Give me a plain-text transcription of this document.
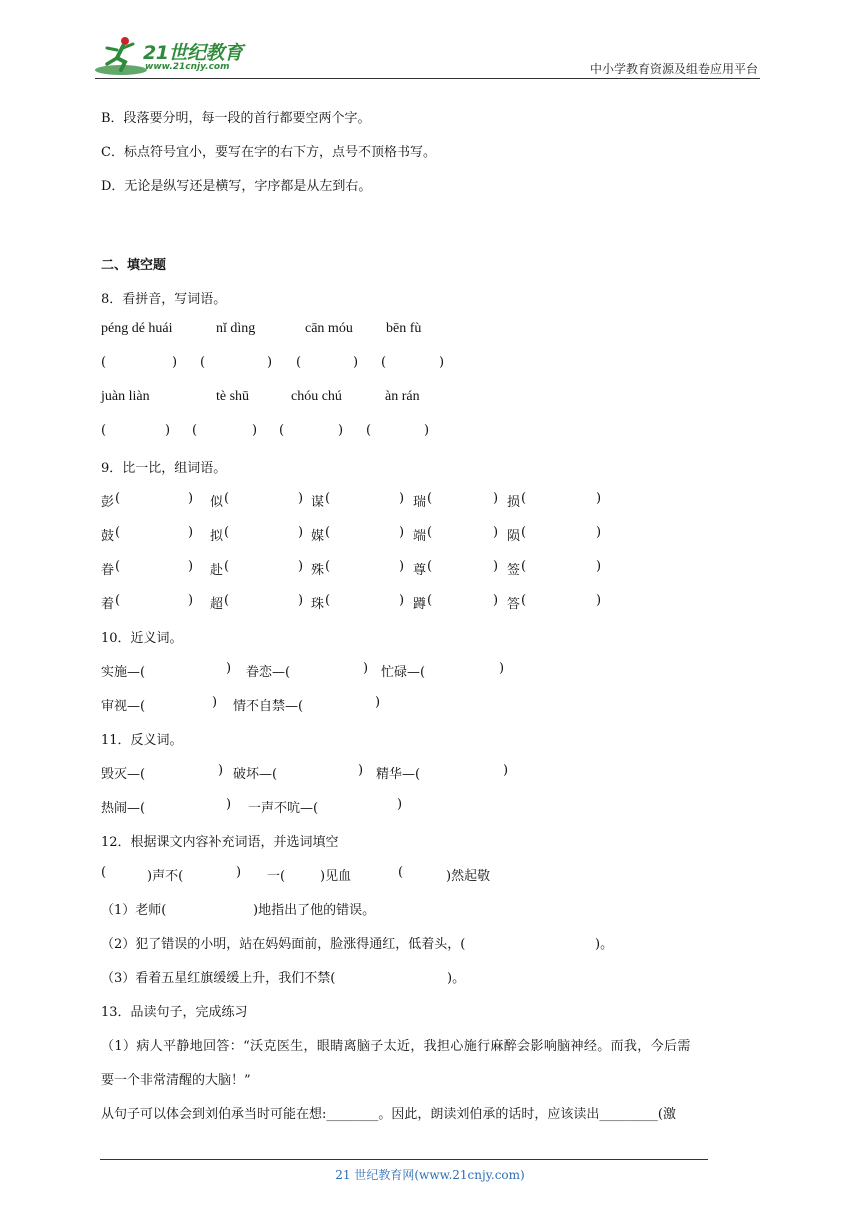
21世纪教育
www.21cnjy.com	中小学教育资源及组卷应用平台
B．段落要分明，每一段的首行都要空两个字。
C．标点符号宜小，要写在字的右下方，点号不顶格书写。
D．无论是纵写还是横写，字序都是从左到右。
二、填空题
8．看拼音，写词语。
péng dé huái	nǐ dìng	cān móu bēn fù
(	) (	) (	) (	)
juàn liàn	tè shū	chóu chú	àn rán
(	) (	) (	) (	)
9．比一比，组词语。
彭 (	) 似 (	) 谋 (	) 瑞 (	) 损 (	)
鼓 (	) 拟 (	) 媒 (	) 端 (	) 陨 (	)
眷 (	) 赴 (	) 殊 (	) 尊 (	) 签 (	)
着 (	) 超 (	) 珠 (	) 蹲 (	) 答 (	)
10．近义词。
实施—(	) 眷恋—(	) 忙碌—(	)
审视—(	) 情不自禁—(	)
11．反义词。
毁灭—(	) 破坏—(	) 精华—(	)
热闹—(	) 一声不吭—(	)
12．根据课文内容补充词语，并选词填空
(	)声不(	) 一(	)见血	(	)然起敬
（1）老师(	)地指出了他的错误。
（2）犯了错误的小明，站在妈妈面前，脸涨得通红，低着头，(	)。
（3）看着五星红旗缓缓上升，我们不禁(	)。
13．品读句子，完成练习
（1）病人平静地回答：“沃克医生，眼睛离脑子太近，我担心施行麻醉会影响脑神经。而我，今后需
要一个非常清醒的大脑！”
从句子可以体会到刘伯承当时可能在想:________。因此，朗读刘伯承的话时，应该读出_________(激
21 世纪教育网(www.21cnjy.com)
